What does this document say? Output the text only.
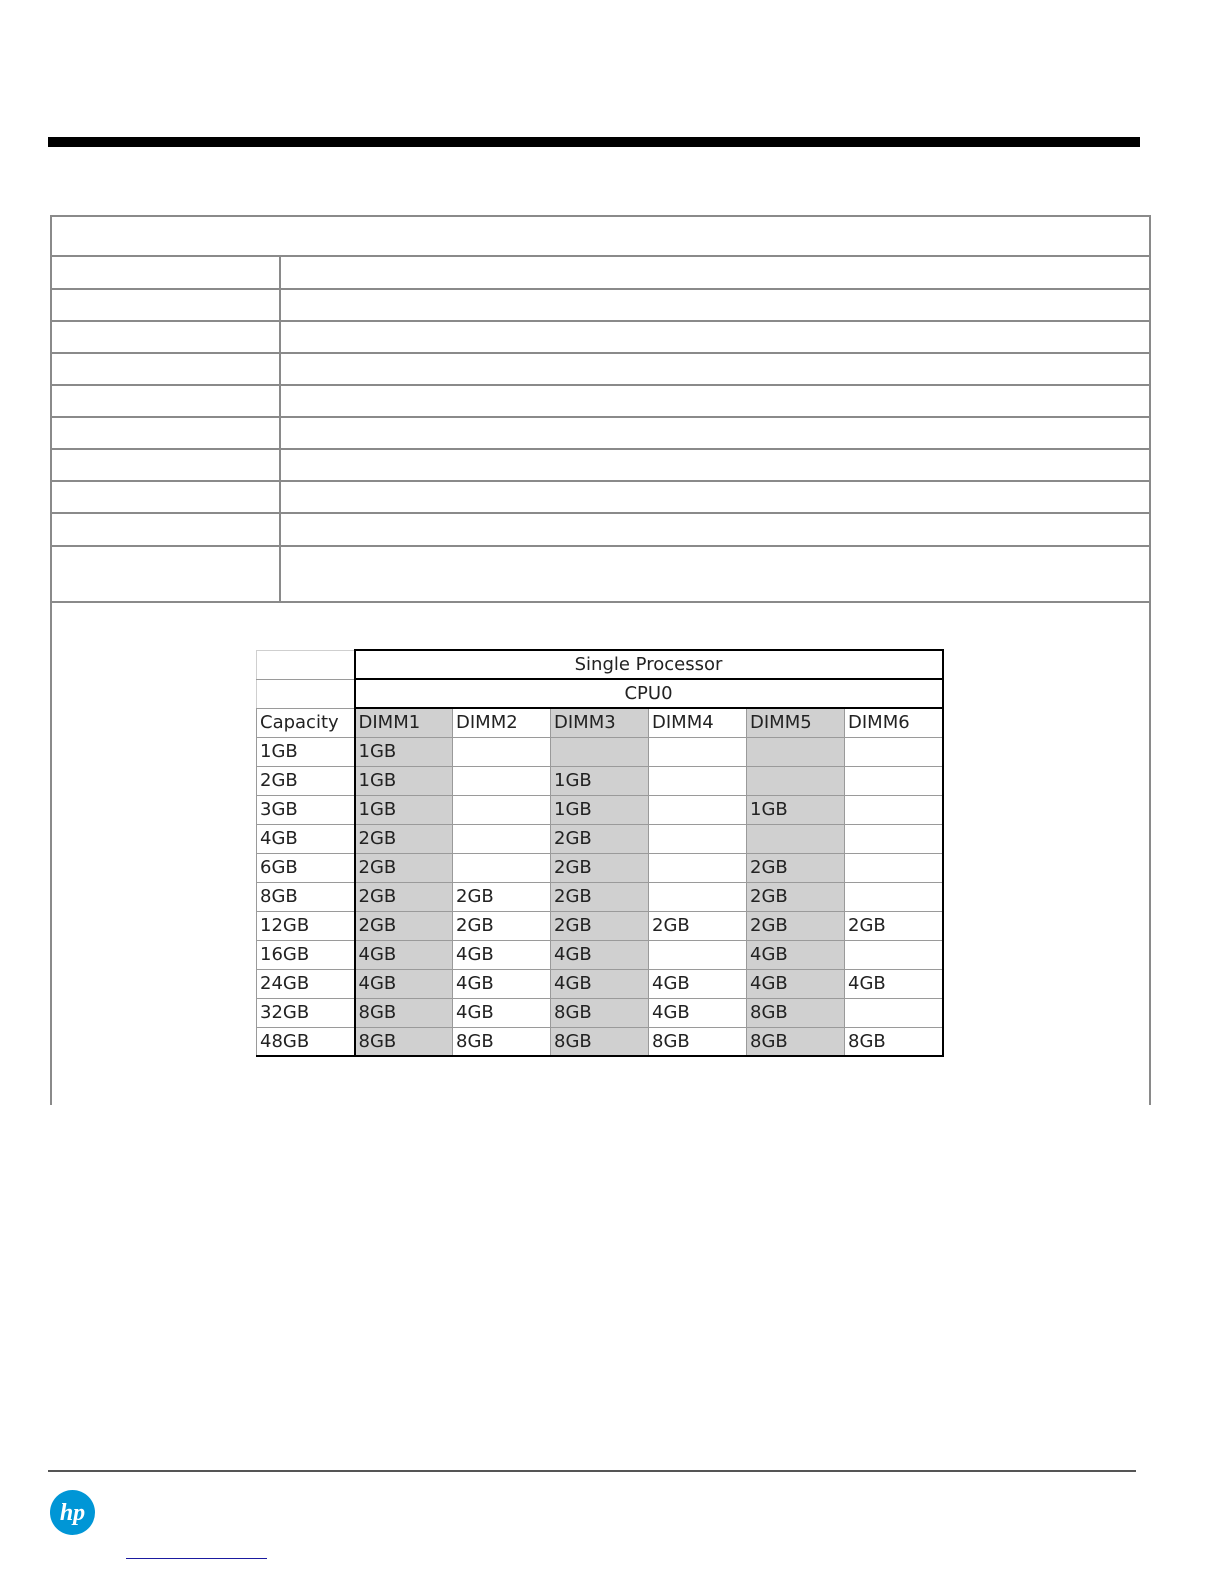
	Single Processor					
	CPU0					
Capacity	DIMM1	DIMM2	DIMM3	DIMM4	DIMM5	DIMM6
1GB	1GB					
2GB	1GB		1GB			
3GB	1GB		1GB		1GB	
4GB	2GB		2GB			
6GB	2GB		2GB		2GB	
8GB	2GB	2GB	2GB		2GB	
12GB	2GB	2GB	2GB	2GB	2GB	2GB
16GB	4GB	4GB	4GB		4GB	
24GB	4GB	4GB	4GB	4GB	4GB	4GB
32GB	8GB	4GB	8GB	4GB	8GB	
48GB	8GB	8GB	8GB	8GB	8GB	8GB
hp
